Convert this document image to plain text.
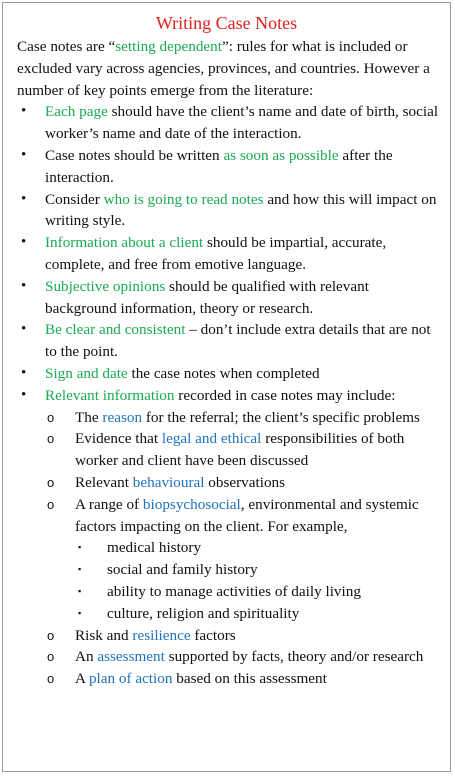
Writing Case Notes
Case notes are “setting dependent”: rules for what is included or excluded vary across agencies, provinces, and countries. However a number of key points emerge from the literature:
• Each page should have the client’s name and date of birth, social worker’s name and date of the interaction.
• Case notes should be written as soon as possible after the interaction.
• Consider who is going to read notes and how this will impact on writing style.
• Information about a client should be impartial, accurate, complete, and free from emotive language.
• Subjective opinions should be qualified with relevant background information, theory or research.
• Be clear and consistent – don’t include extra details that are not to the point.
• Sign and date the case notes when completed
• Relevant information recorded in case notes may include:
o The reason for the referral; the client’s specific problems
o Evidence that legal and ethical responsibilities of both worker and client have been discussed
o Relevant behavioural observations
o A range of biopsychosocial, environmental and systemic factors impacting on the client. For example,
▪ medical history
▪ social and family history
▪ ability to manage activities of daily living
▪ culture, religion and spirituality
o Risk and resilience factors
o An assessment supported by facts, theory and/or research
o A plan of action based on this assessment
